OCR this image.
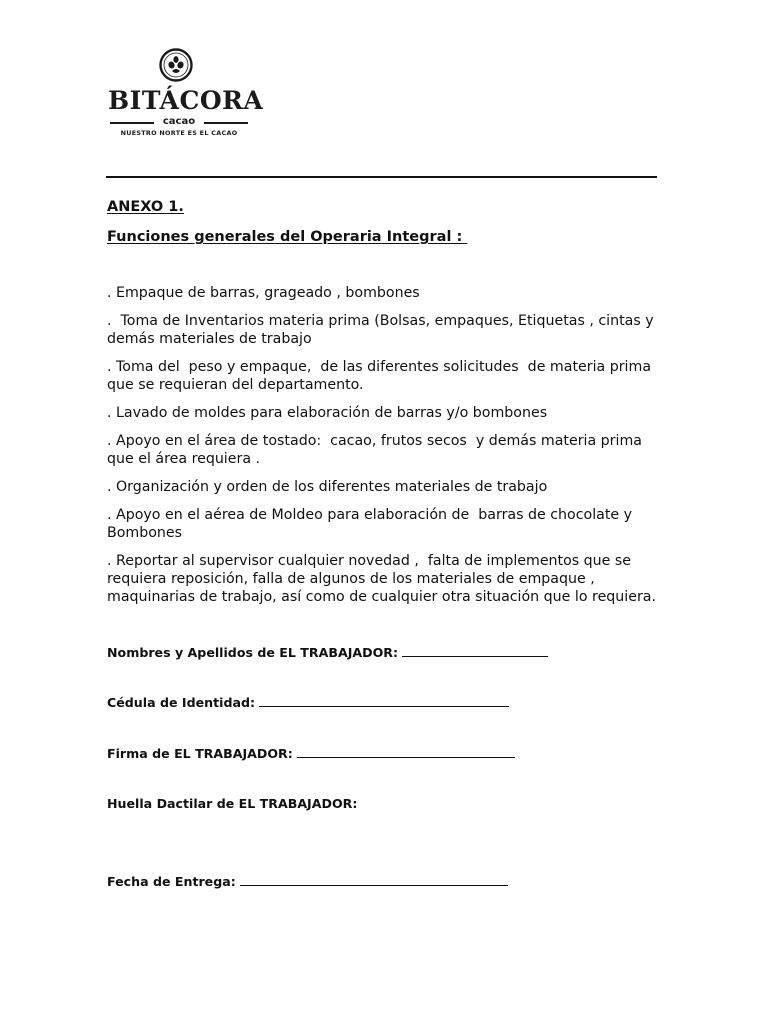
BITÁCORA
cacao
NUESTRO NORTE ES EL CACAO
ANEXO 1.
Funciones generales del Operaria Integral :
. Empaque de barras, grageado , bombones
.  Toma de Inventarios materia prima (Bolsas, empaques, Etiquetas , cintas y demás materiales de trabajo
. Toma del  peso y empaque,  de las diferentes solicitudes  de materia prima que se requieran del departamento.
. Lavado de moldes para elaboración de barras y/o bombones
. Apoyo en el área de tostado:  cacao, frutos secos  y demás materia prima que el área requiera .
. Organización y orden de los diferentes materiales de trabajo
. Apoyo en el aérea de Moldeo para elaboración de  barras de chocolate y Bombones
. Reportar al supervisor cualquier novedad ,  falta de implementos que se requiera reposición, falla de algunos de los materiales de empaque , maquinarias de trabajo, así como de cualquier otra situación que lo requiera.
Nombres y Apellidos de EL TRABAJADOR:
Cédula de Identidad:
Firma de EL TRABAJADOR:
Huella Dactilar de EL TRABAJADOR:
Fecha de Entrega:
